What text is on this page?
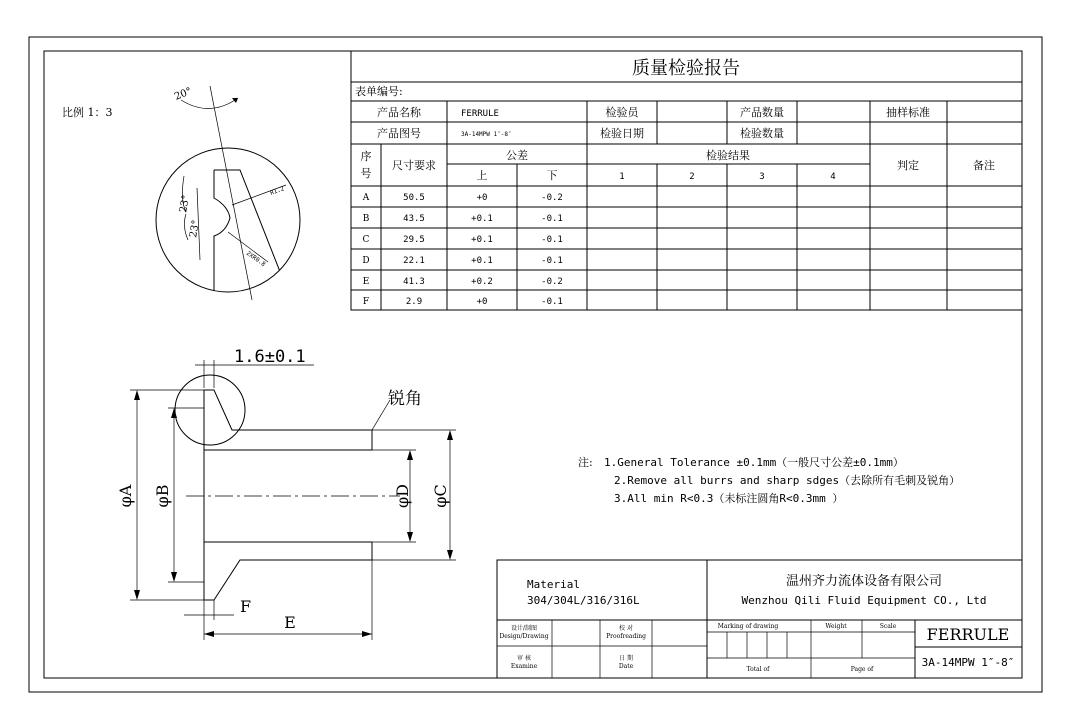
比例 1：3
质量检验报告
表单编号:
产品名称	FERRULE	检验员	产品数量	抽样标准
产品图号	3A-14MPW 1″-8″	检验日期	检验数量
序
号
尺寸要求
公差
上	下
检验结果
1	2	3	4
判定	备注
A	50.5	+0	-0.2
B	43.5	+0.1	-0.1
C	29.5	+0.1	-0.1
D	22.1	+0.1	-0.1
E	41.3	+0.2	-0.2
F	2.9	+0	-0.1
20°
23°
23°
R1.2
2XR0.8
1.6±0.1
锐角
φA φB	φD φC
F
E
注: 1.General Tolerance ±0.1mm（一般尺寸公差±0.1mm）
2.Remove all burrs and sharp sdges（去除所有毛刺及锐角）
3.All min R<0.3（未标注圆角R<0.3mm ）
Material
304/304L/316/316L
温州齐力流体设备有限公司
Wenzhou Qili Fluid Equipment CO., Ltd
设计/制图
Design/Drawing
校 对
Proofreading
审 核
Examine
日 期
Date
Marking of drawing	Weight	Scale
Total of	Page of
FERRULE
3A-14MPW 1″-8″
